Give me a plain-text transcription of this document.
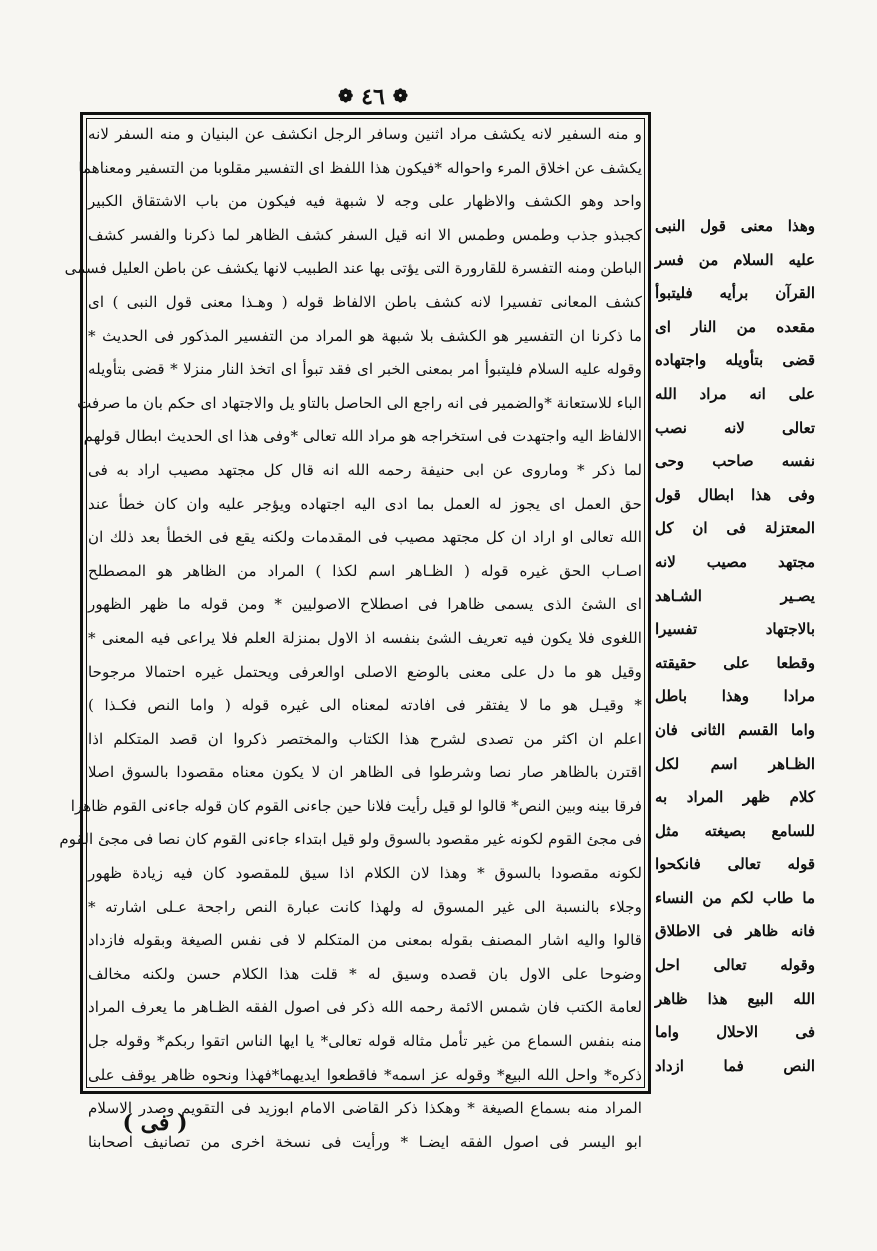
❁ ٤٦ ❁
و منه السفير لانه يكشف مراد اثنين وسافر الرجل انكشف عن البنيان و منه السفر لانه
يكشف عن اخلاق المرء واحواله *فيكون هذا اللفظ اى التفسير مقلوبا من التسفير ومعناهما
واحد وهو الكشف والاظهار على وجه لا شبهة فيه فيكون من باب الاشتقاق الكبير
كجبذو جذب وطمس وطمس الا انه قيل السفر كشف الظاهر لما ذكرنا والفسر كشف
الباطن ومنه التفسرة للقارورة التى يؤتى بها عند الطبيب لانها يكشف عن باطن العليل فسمى
كشف المعانى تفسيرا لانه كشف باطن الالفاظ قوله ( وهـذا معنى قول النبى ) اى
ما ذكرنا ان التفسير هو الكشف بلا شبهة هو المراد من التفسير المذكور فى الحديث *
وقوله عليه السلام فليتبوأ امر بمعنى الخبر اى فقد تبوأ اى اتخذ النار منزلا * قضى بتأويله
الباء للاستعانة *والضمير فى انه راجع الى الحاصل بالتاو يل والاجتهاد اى حكم بان ما صرفت
الالفاظ اليه واجتهدت فى استخراجه هو مراد الله تعالى *وفى هذا اى الحديث ابطال قولهم
لما ذكر * وماروى عن ابى حنيفة رحمه الله انه قال كل مجتهد مصيب اراد به فى
حق العمل اى يجوز له العمل بما ادى اليه اجتهاده ويؤجر عليه وان كان خطأ عند
الله تعالى او اراد ان كل مجتهد مصيب فى المقدمات ولكنه يقع فى الخطأ بعد ذلك ان
اصـاب الحق غيره قوله ( الظـاهر اسم لكذا ) المراد من الظاهر هو المصطلح
اى الشئ الذى يسمى ظاهرا فى اصطلاح الاصوليين * ومن قوله ما ظهر الظهور
اللغوى فلا يكون فيه تعريف الشئ بنفسه اذ الاول بمنزلة العلم فلا يراعى فيه المعنى *
وقيل هو ما دل على معنى بالوضع الاصلى اوالعرفى ويحتمل غيره احتمالا مرجوحا
* وقيـل هو ما لا يفتقر فى افادته لمعناه الى غيره قوله ( واما النص فكـذا )
اعلم ان اكثر من تصدى لشرح هذا الكتاب والمختصر ذكروا ان قصد المتكلم اذا
اقترن بالظاهر صار نصا وشرطوا فى الظاهر ان لا يكون معناه مقصودا بالسوق اصلا
فرقا بينه وبين النص* قالوا لو قيل رأيت فلانا حين جاءنى القوم كان قوله جاءنى القوم ظاهرا
فى مجئ القوم لكونه غير مقصود بالسوق ولو قيل ابتداء جاءنى القوم كان نصا فى مجئ القوم
لكونه مقصودا بالسوق * وهذا لان الكلام اذا سيق للمقصود كان فيه زيادة ظهور
وجلاء بالنسبة الى غير المسوق له ولهذا كانت عبارة النص راجحة عـلى اشارته *
قالوا واليه اشار المصنف بقوله بمعنى من المتكلم لا فى نفس الصيغة وبقوله فازداد
وضوحا على الاول بان قصده وسيق له * قلت هذا الكلام حسن ولكنه مخالف
لعامة الكتب فان شمس الائمة رحمه الله ذكر فى اصول الفقه الظـاهر ما يعرف المراد
منه بنفس السماع من غير تأمل مثاله قوله تعالى* يا ايها الناس اتقوا ربكم* وقوله جل
ذكره* واحل الله البيع* وقوله عز اسمه* فاقطعوا ايديهما*فهذا ونحوه ظاهر يوقف على
المراد منه بسماع الصيغة * وهكذا ذكر القاضى الامام ابوزيد فى التقويم وصدر الاسلام
ابو اليسر فى اصول الفقه ايضـا * ورأيت فى نسخة اخرى من تصانيف اصحابنا
وهذا معنى قول النبى
عليه السلام من فسر
القرآن برأيه فليتبوأ
مقعده من النار اى
قضى بتأويله واجتهاده
على انه مراد الله
تعالى لانه نصب
نفسه صاحب وحى
وفى هذا ابطال قول
المعتزلة فى ان كل
مجتهد مصيب لانه
يصـير الشـاهد
بالاجتهاد تفسيرا
وقطعا على حقيقته
مرادا وهذا باطل
واما القسم الثانى فان
الظـاهر اسم لكل
كلام ظهر المراد به
للسامع بصيغته مثل
قوله تعالى فانكحوا
ما طاب لكم من النساء
فانه ظاهر فى الاطلاق
وقوله تعالى احل
الله البيع هذا ظاهر
فى الاحلال واما
النص فما ازداد
( فى )
